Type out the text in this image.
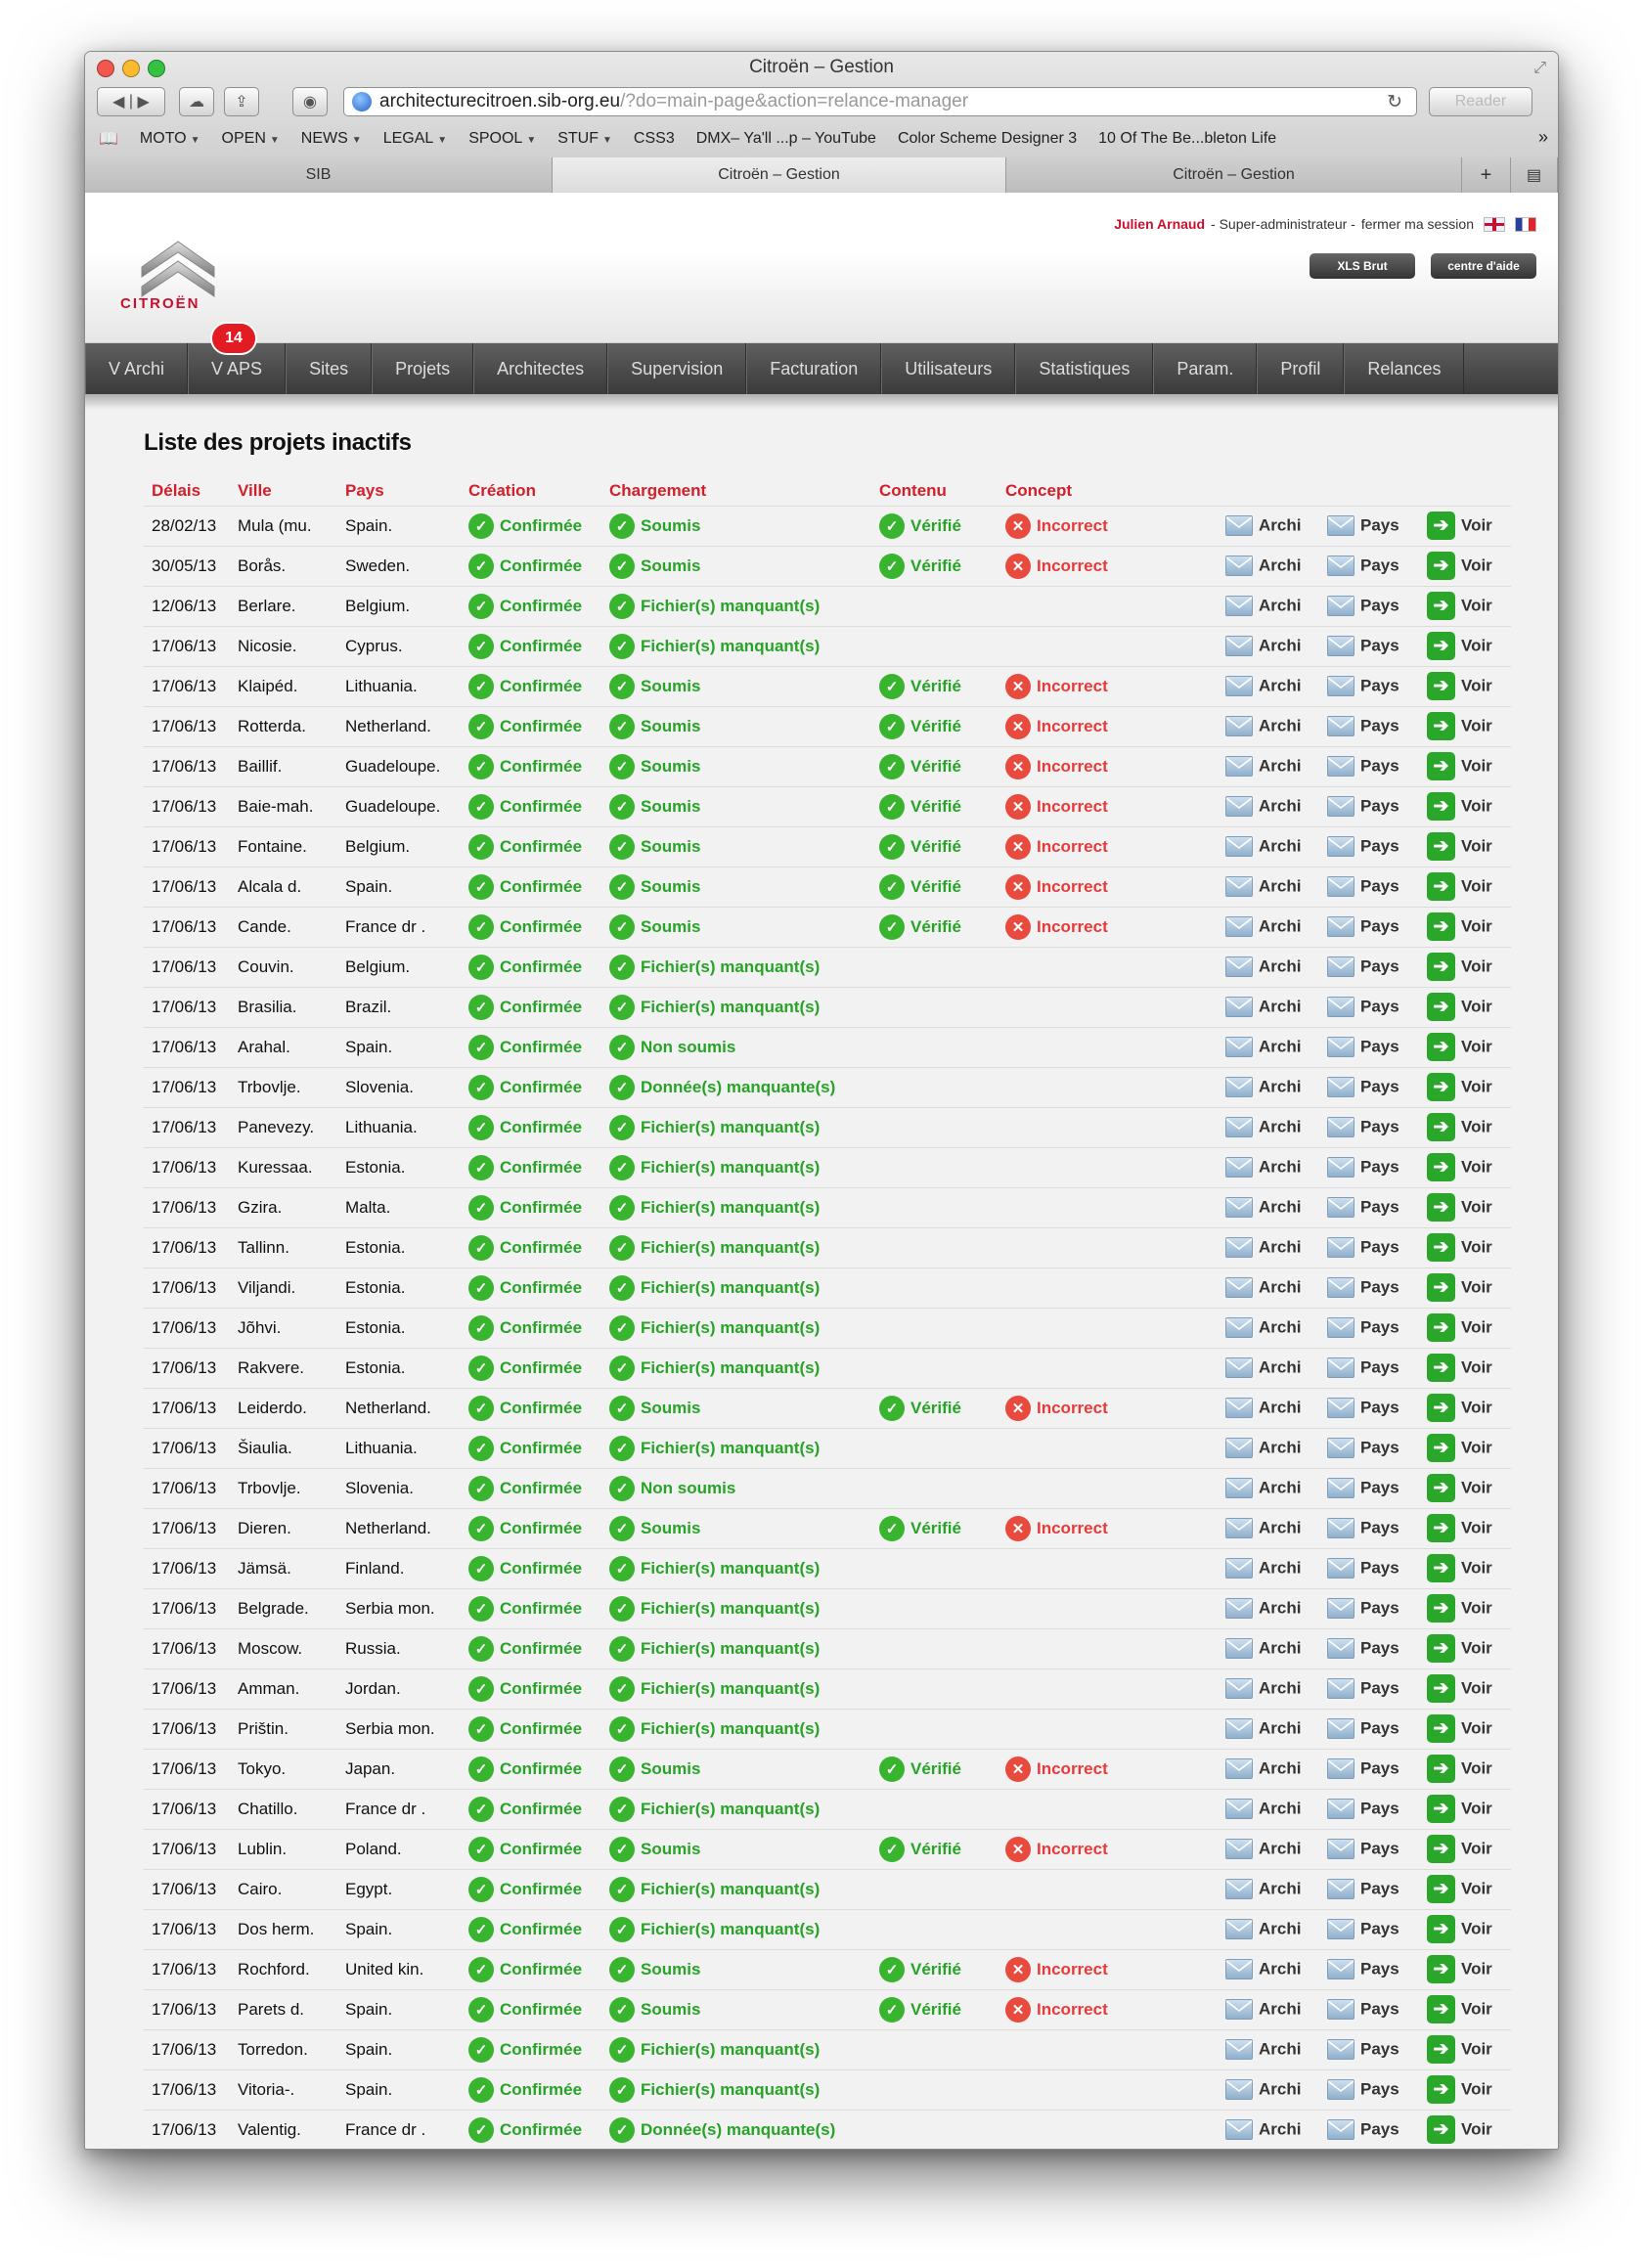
Citroën – Gestion	⤢
◀ | ▶	☁ ⇪	◉	architecturecitroen.sib-org.eu /?do=main-page&action=relance-manager	↻	Reader
📖 MOTO ▼ OPEN ▼ NEWS ▼ LEGAL ▼ SPOOL ▼ STUF ▼ CSS3 DMX– Ya'll ...p – YouTube Color Scheme Designer 3 10 Of The Be...bleton Life	»
SIB	Citroën – Gestion	Citroën – Gestion	+	▤
CITROËN
Julien Arnaud - Super-administrateur - fermer ma session
XLS Brut	centre d'aide
14
V Archi	V APS	Sites	Projets	Architectes	Supervision	Facturation	Utilisateurs	Statistiques	Param.	Profil	Relances
Liste des projets inactifs
Délais	Ville	Pays	Création	Chargement	Contenu	Concept			
28/02/13	Mula (mu.	Spain.	✓ Confirmée	✓ Soumis	✓ Vérifié	✕ Incorrect	Archi	Pays	➔ Voir
30/05/13	Borås.	Sweden.	✓ Confirmée	✓ Soumis	✓ Vérifié	✕ Incorrect	Archi	Pays	➔ Voir
12/06/13	Berlare.	Belgium.	✓ Confirmée	✓ Fichier(s) manquant(s)			Archi	Pays	➔ Voir
17/06/13	Nicosie.	Cyprus.	✓ Confirmée	✓ Fichier(s) manquant(s)			Archi	Pays	➔ Voir
17/06/13	Klaipéd.	Lithuania.	✓ Confirmée	✓ Soumis	✓ Vérifié	✕ Incorrect	Archi	Pays	➔ Voir
17/06/13	Rotterda.	Netherland.	✓ Confirmée	✓ Soumis	✓ Vérifié	✕ Incorrect	Archi	Pays	➔ Voir
17/06/13	Baillif.	Guadeloupe.	✓ Confirmée	✓ Soumis	✓ Vérifié	✕ Incorrect	Archi	Pays	➔ Voir
17/06/13	Baie-mah.	Guadeloupe.	✓ Confirmée	✓ Soumis	✓ Vérifié	✕ Incorrect	Archi	Pays	➔ Voir
17/06/13	Fontaine.	Belgium.	✓ Confirmée	✓ Soumis	✓ Vérifié	✕ Incorrect	Archi	Pays	➔ Voir
17/06/13	Alcala d.	Spain.	✓ Confirmée	✓ Soumis	✓ Vérifié	✕ Incorrect	Archi	Pays	➔ Voir
17/06/13	Cande.	France dr .	✓ Confirmée	✓ Soumis	✓ Vérifié	✕ Incorrect	Archi	Pays	➔ Voir
17/06/13	Couvin.	Belgium.	✓ Confirmée	✓ Fichier(s) manquant(s)			Archi	Pays	➔ Voir
17/06/13	Brasilia.	Brazil.	✓ Confirmée	✓ Fichier(s) manquant(s)			Archi	Pays	➔ Voir
17/06/13	Arahal.	Spain.	✓ Confirmée	✓ Non soumis			Archi	Pays	➔ Voir
17/06/13	Trbovlje.	Slovenia.	✓ Confirmée	✓ Donnée(s) manquante(s)			Archi	Pays	➔ Voir
17/06/13	Panevezy.	Lithuania.	✓ Confirmée	✓ Fichier(s) manquant(s)			Archi	Pays	➔ Voir
17/06/13	Kuressaa.	Estonia.	✓ Confirmée	✓ Fichier(s) manquant(s)			Archi	Pays	➔ Voir
17/06/13	Gzira.	Malta.	✓ Confirmée	✓ Fichier(s) manquant(s)			Archi	Pays	➔ Voir
17/06/13	Tallinn.	Estonia.	✓ Confirmée	✓ Fichier(s) manquant(s)			Archi	Pays	➔ Voir
17/06/13	Viljandi.	Estonia.	✓ Confirmée	✓ Fichier(s) manquant(s)			Archi	Pays	➔ Voir
17/06/13	Jõhvi.	Estonia.	✓ Confirmée	✓ Fichier(s) manquant(s)			Archi	Pays	➔ Voir
17/06/13	Rakvere.	Estonia.	✓ Confirmée	✓ Fichier(s) manquant(s)			Archi	Pays	➔ Voir
17/06/13	Leiderdo.	Netherland.	✓ Confirmée	✓ Soumis	✓ Vérifié	✕ Incorrect	Archi	Pays	➔ Voir
17/06/13	Šiaulia.	Lithuania.	✓ Confirmée	✓ Fichier(s) manquant(s)			Archi	Pays	➔ Voir
17/06/13	Trbovlje.	Slovenia.	✓ Confirmée	✓ Non soumis			Archi	Pays	➔ Voir
17/06/13	Dieren.	Netherland.	✓ Confirmée	✓ Soumis	✓ Vérifié	✕ Incorrect	Archi	Pays	➔ Voir
17/06/13	Jämsä.	Finland.	✓ Confirmée	✓ Fichier(s) manquant(s)			Archi	Pays	➔ Voir
17/06/13	Belgrade.	Serbia mon.	✓ Confirmée	✓ Fichier(s) manquant(s)			Archi	Pays	➔ Voir
17/06/13	Moscow.	Russia.	✓ Confirmée	✓ Fichier(s) manquant(s)			Archi	Pays	➔ Voir
17/06/13	Amman.	Jordan.	✓ Confirmée	✓ Fichier(s) manquant(s)			Archi	Pays	➔ Voir
17/06/13	Prištin.	Serbia mon.	✓ Confirmée	✓ Fichier(s) manquant(s)			Archi	Pays	➔ Voir
17/06/13	Tokyo.	Japan.	✓ Confirmée	✓ Soumis	✓ Vérifié	✕ Incorrect	Archi	Pays	➔ Voir
17/06/13	Chatillo.	France dr .	✓ Confirmée	✓ Fichier(s) manquant(s)			Archi	Pays	➔ Voir
17/06/13	Lublin.	Poland.	✓ Confirmée	✓ Soumis	✓ Vérifié	✕ Incorrect	Archi	Pays	➔ Voir
17/06/13	Cairo.	Egypt.	✓ Confirmée	✓ Fichier(s) manquant(s)			Archi	Pays	➔ Voir
17/06/13	Dos herm.	Spain.	✓ Confirmée	✓ Fichier(s) manquant(s)			Archi	Pays	➔ Voir
17/06/13	Rochford.	United kin.	✓ Confirmée	✓ Soumis	✓ Vérifié	✕ Incorrect	Archi	Pays	➔ Voir
17/06/13	Parets d.	Spain.	✓ Confirmée	✓ Soumis	✓ Vérifié	✕ Incorrect	Archi	Pays	➔ Voir
17/06/13	Torredon.	Spain.	✓ Confirmée	✓ Fichier(s) manquant(s)			Archi	Pays	➔ Voir
17/06/13	Vitoria-.	Spain.	✓ Confirmée	✓ Fichier(s) manquant(s)			Archi	Pays	➔ Voir
17/06/13	Valentig.	France dr .	✓ Confirmée	✓ Donnée(s) manquante(s)			Archi	Pays	➔ Voir
